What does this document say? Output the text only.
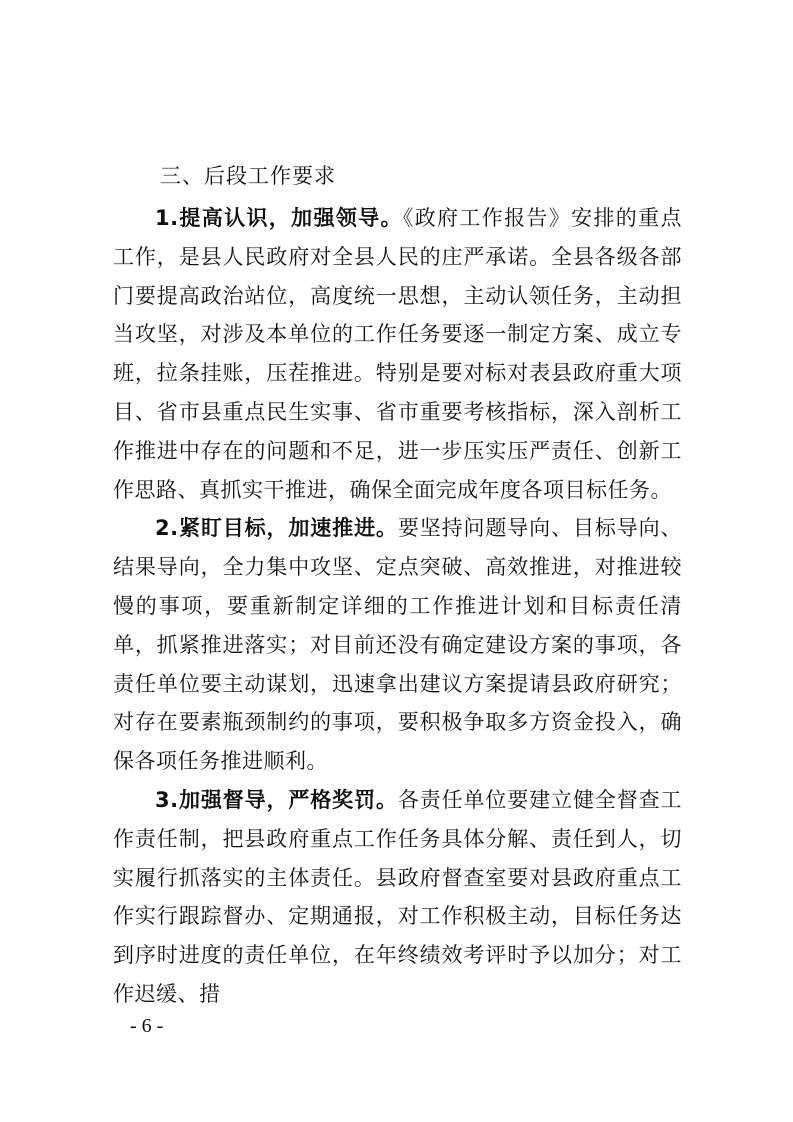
三、后段工作要求

1.提高认识，加强领导。《政府工作报告》安排的重点工作，是县人民政府对全县人民的庄严承诺。全县各级各部门要提高政治站位，高度统一思想，主动认领任务，主动担当攻坚，对涉及本单位的工作任务要逐一制定方案、成立专班，拉条挂账，压茬推进。特别是要对标对表县政府重大项目、省市县重点民生实事、省市重要考核指标，深入剖析工作推进中存在的问题和不足，进一步压实压严责任、创新工作思路、真抓实干推进，确保全面完成年度各项目标任务。

2.紧盯目标，加速推进。要坚持问题导向、目标导向、结果导向，全力集中攻坚、定点突破、高效推进，对推进较慢的事项，要重新制定详细的工作推进计划和目标责任清单，抓紧推进落实；对目前还没有确定建设方案的事项，各责任单位要主动谋划，迅速拿出建议方案提请县政府研究；对存在要素瓶颈制约的事项，要积极争取多方资金投入，确保各项任务推进顺利。

3.加强督导，严格奖罚。各责任单位要建立健全督查工作责任制，把县政府重点工作任务具体分解、责任到人，切实履行抓落实的主体责任。县政府督查室要对县政府重点工作实行跟踪督办、定期通报，对工作积极主动，目标任务达到序时进度的责任单位，在年终绩效考评时予以加分；对工作迟缓、措

- 6 -
